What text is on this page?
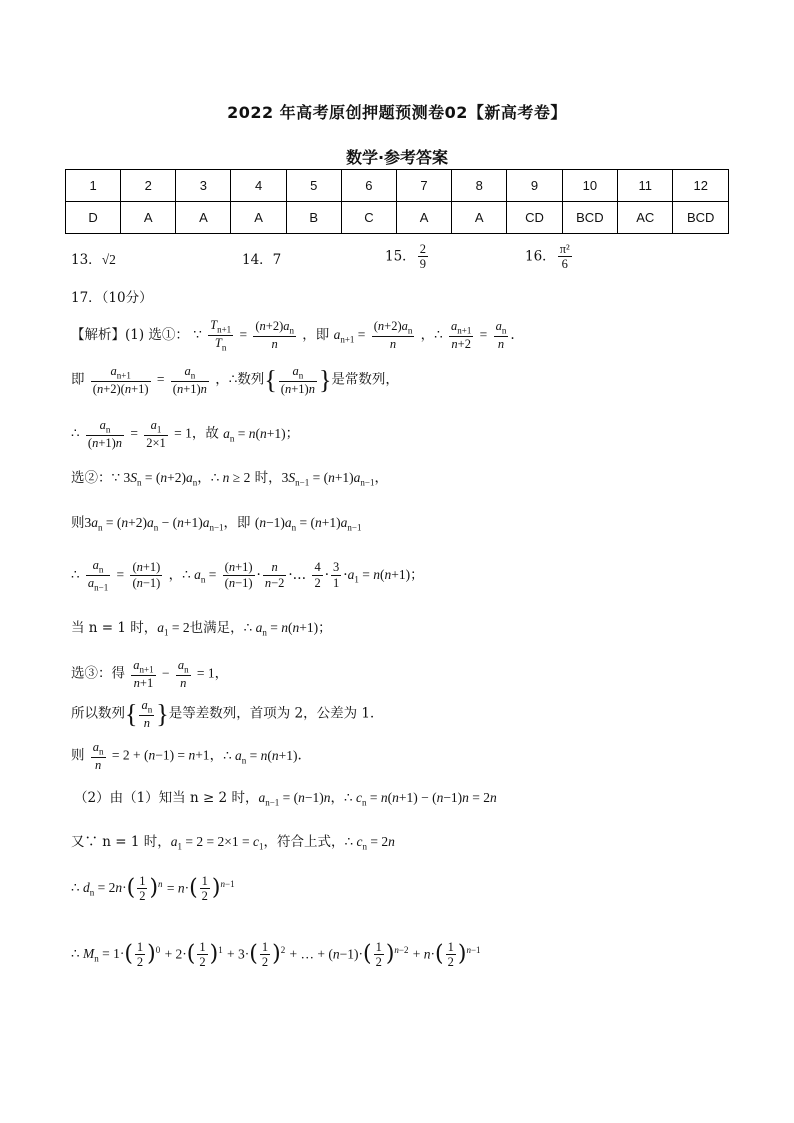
2022 年高考原创押题预测卷02【新高考卷】
数学·参考答案
1	2	3	4	5	6	7	8	9	10	11	12
D	A	A	A	B	C	A	A	CD	BCD	AC	BCD
13．√2	14．7	15． $\frac{2}{9}$	16． $\frac{\text{π²}}{6}$
17．（10分）
【解析】(1) 选①： ∵ $\frac{T_{n+1}}{T_n} = \frac{(n+2)a_n}{n}$ ，即 $a_{n+1} = \frac{(n+2)a_n}{n}$ ，∴ $\frac{a_{n+1}}{n+2} = \frac{a_n}{n}$ .
即 $\frac{a_{n+1}}{(n+2)(n+1)} = \frac{a_n}{(n+1)n}$ ，∴数列{ $\frac{a_n}{(n+1)n}$ }是常数列，
∴ $\frac{a_n}{(n+1)n} = \frac{a_1}{2\times 1} = 1$，故 $a_n = n(n+1)$；
选②：∵ $3S_n = (n+2)a_n$，∴ n ≥ 2 时，$3S_{n-1} = (n+1)a_{n-1}$，
则$3a_n = (n+2)a_n - (n+1)a_{n-1}$，即 $(n-1)a_n = (n+1)a_{n-1}$
∴ $\frac{a_n}{a_{n-1}} = \frac{(n+1)}{(n-1)}$ ，∴ $a_n = \frac{(n+1)}{(n-1)} \cdot \frac{n}{n-2}$ ·… $\frac{4}{2} \cdot \frac{3}{1} \cdot a_1 = n(n+1)$；
当 n = 1 时，$a_1 = 2$也满足，∴ $a_n = n(n+1)$；
选③：得 $\frac{a_{n+1}}{n+1} - \frac{a_n}{n} = 1$，
所以数列{ $\frac{a_n}{n}$ }是等差数列，首项为 2，公差为 1．
则 $\frac{a_n}{n} = 2 + (n-1) = n+1$，∴ $a_n = n(n+1)$.
（2）由（1）知当 n ≥ 2 时，$a_{n-1} = (n-1)n$，∴ $c_n = n(n+1) - (n-1)n = 2n$
又∵ n = 1 时，$a_1 = 2 = 2\times 1 = c_1$，符合上式，∴ $c_n = 2n$
∴ $d_n = 2n\cdot( \frac{1}{2} )^n = n\cdot( \frac{1}{2} )^{n-1}$
∴ $M_n = 1\cdot( \frac{1}{2} )^0 + 2\cdot( \frac{1}{2} )^1 + 3\cdot( \frac{1}{2} )^2$ + … + $(n-1)\cdot( \frac{1}{2} )^{n-2} + n\cdot( \frac{1}{2} )^{n-1}$
